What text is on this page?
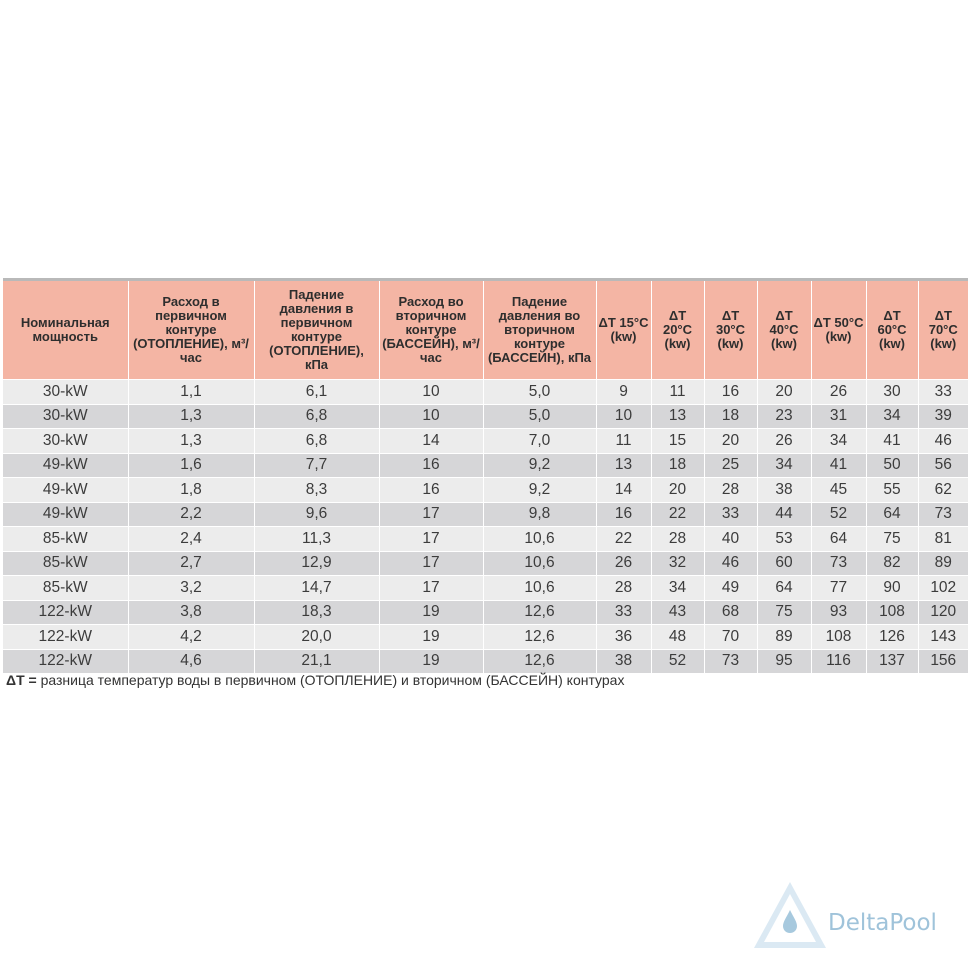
Номинальная мощность	Расход в первичном контуре (ОТОПЛЕНИЕ), м³/час	Падение давления в первичном контуре (ОТОПЛЕНИЕ), кПа	Расход во вторичном контуре (БАССЕЙН), м³/час	Падение давления во вторичном контуре (БАССЕЙН), кПа	ΔT 15°C (kw)	ΔT 20°C (kw)	ΔT 30°C (kw)	ΔT 40°C (kw)	ΔT 50°C (kw)	ΔT 60°C (kw)	ΔT 70°C (kw)
30-kW	1,1	6,1	10	5,0	9	11	16	20	26	30	33
30-kW	1,3	6,8	10	5,0	10	13	18	23	31	34	39
30-kW	1,3	6,8	14	7,0	11	15	20	26	34	41	46
49-kW	1,6	7,7	16	9,2	13	18	25	34	41	50	56
49-kW	1,8	8,3	16	9,2	14	20	28	38	45	55	62
49-kW	2,2	9,6	17	9,8	16	22	33	44	52	64	73
85-kW	2,4	11,3	17	10,6	22	28	40	53	64	75	81
85-kW	2,7	12,9	17	10,6	26	32	46	60	73	82	89
85-kW	3,2	14,7	17	10,6	28	34	49	64	77	90	102
122-kW	3,8	18,3	19	12,6	33	43	68	75	93	108	120
122-kW	4,2	20,0	19	12,6	36	48	70	89	108	126	143
122-kW	4,6	21,1	19	12,6	38	52	73	95	116	137	156
ΔT = разница температур воды в первичном (ОТОПЛЕНИЕ) и вторичном (БАССЕЙН) контурах
DeltaPool
